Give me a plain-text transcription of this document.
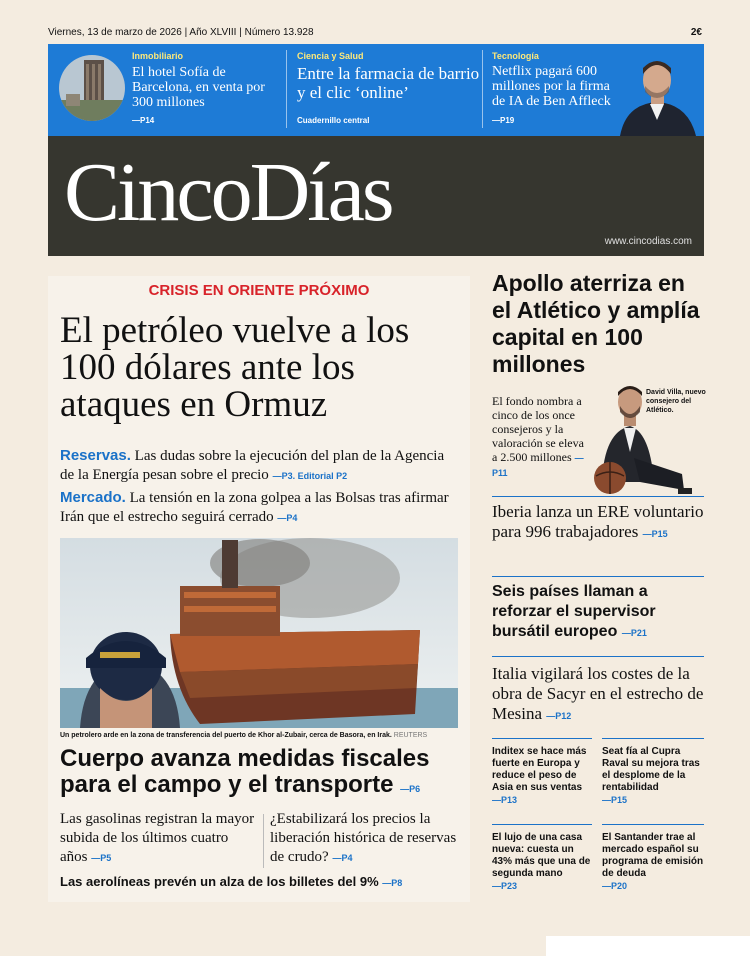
Viernes, 13 de marzo de 2026 | Año XLVIII | Número 13.928	2€
Inmobiliario
El hotel Sofía de Barcelona, en venta por 300 millones
—P14
Ciencia y Salud
Entre la farmacia de barrio y el clic ‘online’
Cuadernillo central
Tecnología
Netflix pagará 600 millones por la firma de IA de Ben Affleck
—P19
CincoDías
www.cincodias.com
CRISIS EN ORIENTE PRÓXIMO
El petróleo vuelve a los 100 dólares ante los ataques en Ormuz
Reservas. Las dudas sobre la ejecución del plan de la Agencia de la Energía pesan sobre el precio —P3. Editorial P2
Mercado. La tensión en la zona golpea a las Bolsas tras afirmar Irán que el estrecho seguirá cerrado —P4
Un petrolero arde en la zona de transferencia del puerto de Khor al-Zubair, cerca de Basora, en Irak. REUTERS
Cuerpo avanza medidas fiscales para el campo y el transporte —P6
Las gasolinas registran la mayor subida de los últimos cuatro años —P5
¿Estabilizará los precios la liberación histórica de reservas de crudo? —P4
Las aerolíneas prevén un alza de los billetes del 9% —P8
Apollo aterriza en el Atlético y amplía capital en 100 millones
El fondo nombra a cinco de los once consejeros y la valoración se eleva a 2.500 millones —P11
David Villa, nuevo consejero del Atlético.
Iberia lanza un ERE voluntario para 996 trabajadores —P15
Seis países llaman a reforzar el supervisor bursátil europeo —P21
Italia vigilará los costes de la obra de Sacyr en el estrecho de Mesina —P12
Inditex se hace más fuerte en Europa y reduce el peso de Asia en sus ventas
—P13
Seat fía al Cupra Raval su mejora tras el desplome de la rentabilidad
—P15
El lujo de una casa nueva: cuesta un 43% más que una de segunda mano
—P23
El Santander trae al mercado español su programa de emisión de deuda
—P20
